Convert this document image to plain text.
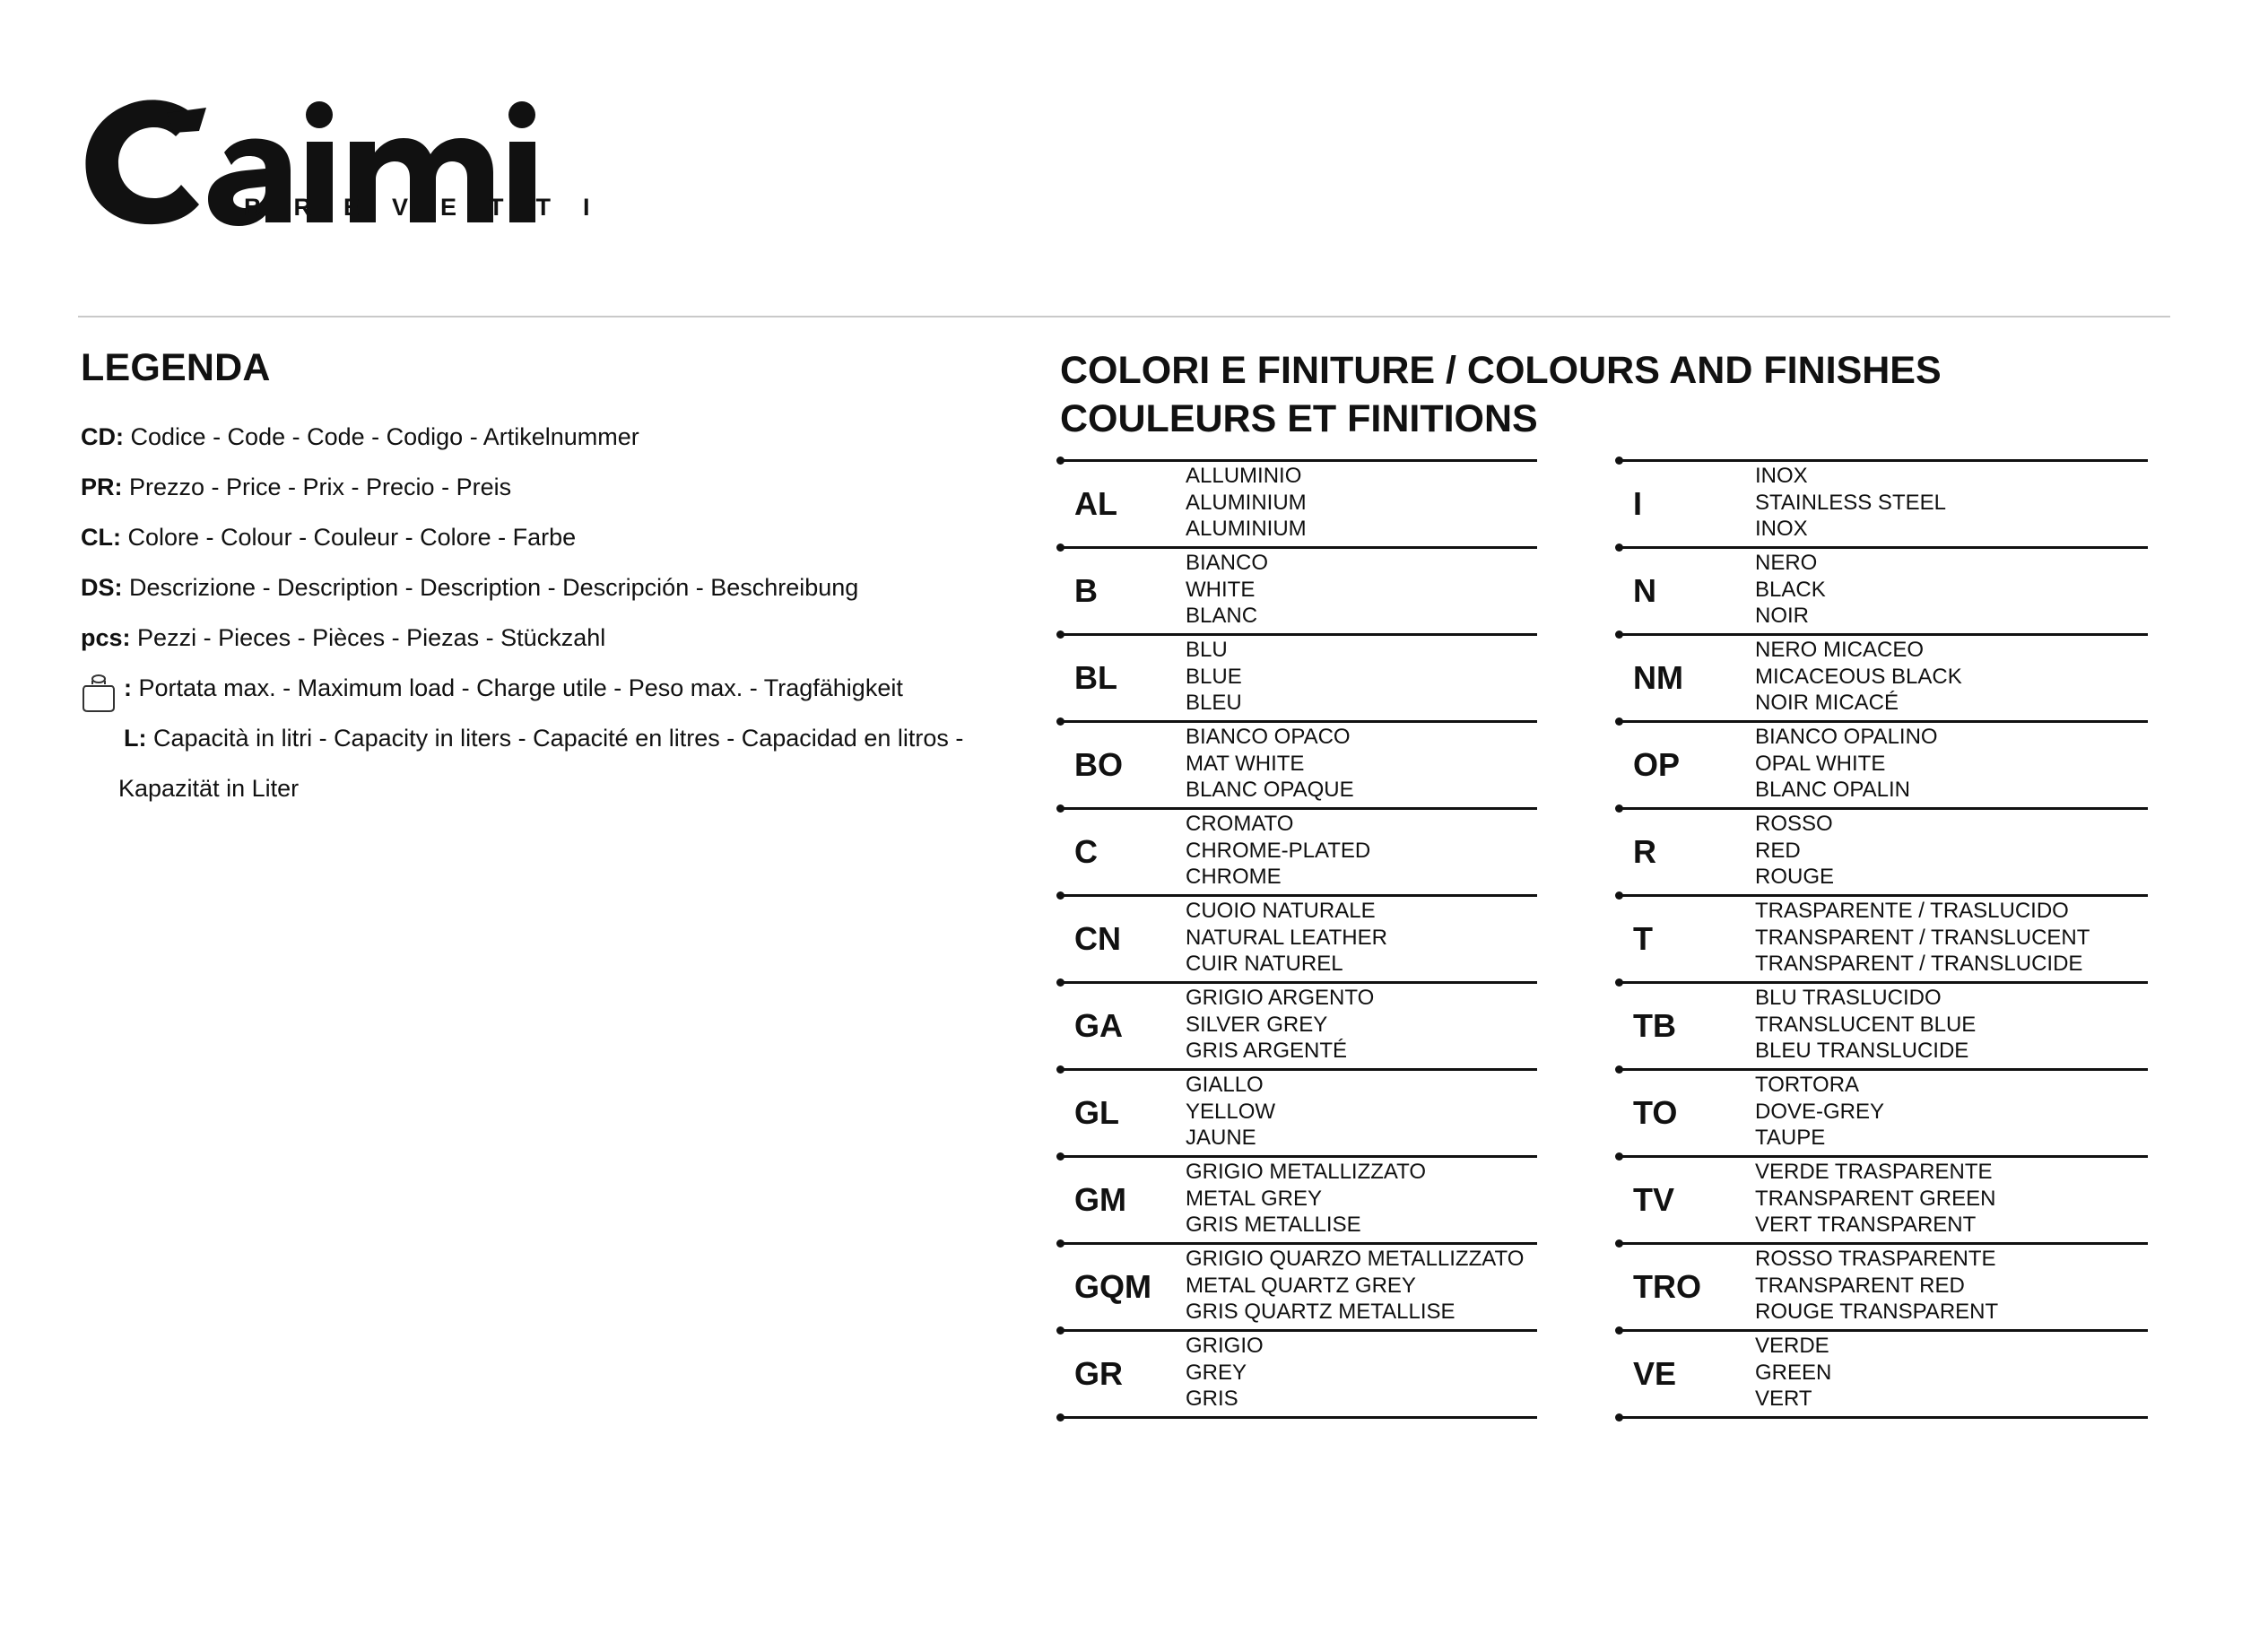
BREVETTI
LEGENDA
CD: Codice - Code - Code - Codigo - Artikelnummer
PR: Prezzo - Price - Prix - Precio - Preis
CL: Colore - Colour - Couleur - Colore - Farbe
DS: Descrizione - Description - Description - Descripción - Beschreibung
pcs: Pezzi - Pieces - Pièces - Piezas - Stückzahl
: Portata max. - Maximum load - Charge utile - Peso max. - Tragfähigkeit
L: Capacità in litri - Capacity in liters - Capacité en litres - Capacidad en litros -
Kapazität in Liter
COLORI E FINITURE / COLOURS AND FINISHES
COULEURS ET FINITIONS
AL
ALLUMINIO
ALUMINIUM
ALUMINIUM
B
BIANCO
WHITE
BLANC
BL
BLU
BLUE
BLEU
BO
BIANCO OPACO
MAT WHITE
BLANC OPAQUE
C
CROMATO
CHROME-PLATED
CHROME
CN
CUOIO NATURALE
NATURAL LEATHER
CUIR NATUREL
GA
GRIGIO ARGENTO
SILVER GREY
GRIS ARGENTÉ
GL
GIALLO
YELLOW
JAUNE
GM
GRIGIO METALLIZZATO
METAL GREY
GRIS METALLISE
GQM
GRIGIO QUARZO METALLIZZATO
METAL QUARTZ GREY
GRIS QUARTZ METALLISE
GR
GRIGIO
GREY
GRIS
I
INOX
STAINLESS STEEL
INOX
N
NERO
BLACK
NOIR
NM
NERO MICACEO
MICACEOUS BLACK
NOIR MICACÉ
OP
BIANCO OPALINO
OPAL WHITE
BLANC OPALIN
R
ROSSO
RED
ROUGE
T
TRASPARENTE / TRASLUCIDO
TRANSPARENT / TRANSLUCENT
TRANSPARENT / TRANSLUCIDE
TB
BLU TRASLUCIDO
TRANSLUCENT BLUE
BLEU TRANSLUCIDE
TO
TORTORA
DOVE-GREY
TAUPE
TV
VERDE TRASPARENTE
TRANSPARENT GREEN
VERT TRANSPARENT
TRO
ROSSO TRASPARENTE
TRANSPARENT RED
ROUGE TRANSPARENT
VE
VERDE
GREEN
VERT
